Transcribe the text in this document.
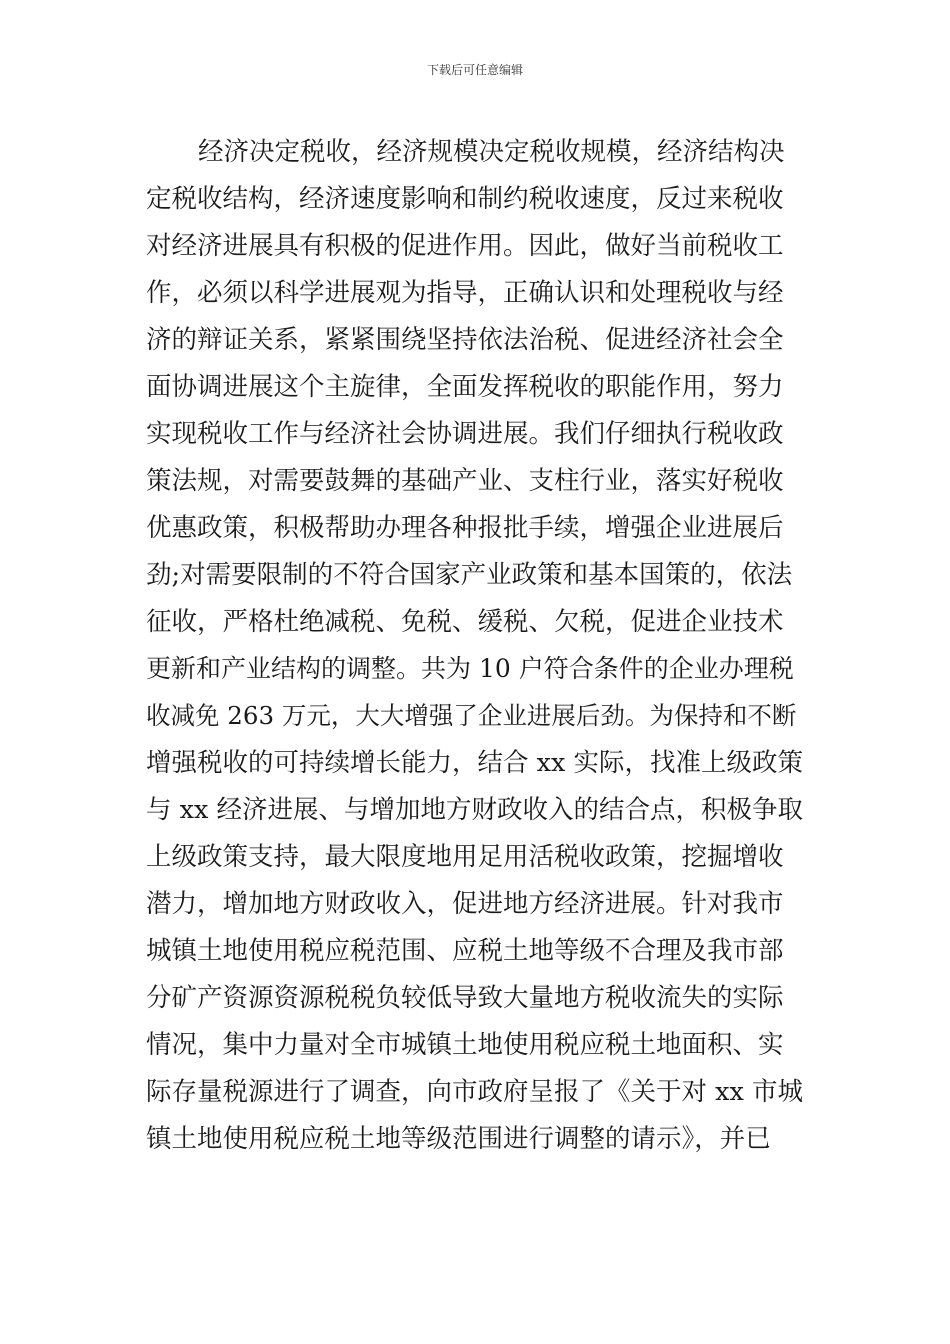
下载后可任意编辑
经济决定税收，经济规模决定税收规模，经济结构决
定税收结构，经济速度影响和制约税收速度，反过来税收
对经济进展具有积极的促进作用。因此，做好当前税收工
作，必须以科学进展观为指导，正确认识和处理税收与经
济的辩证关系，紧紧围绕坚持依法治税、促进经济社会全
面协调进展这个主旋律，全面发挥税收的职能作用，努力
实现税收工作与经济社会协调进展。我们仔细执行税收政
策法规，对需要鼓舞的基础产业、支柱行业，落实好税收
优惠政策，积极帮助办理各种报批手续，增强企业进展后
劲;对需要限制的不符合国家产业政策和基本国策的，依法
征收，严格杜绝减税、免税、缓税、欠税，促进企业技术
更新和产业结构的调整。共为 10 户符合条件的企业办理税
收减免 263 万元，大大增强了企业进展后劲。为保持和不断
增强税收的可持续增长能力，结合 xx 实际，找准上级政策
与 xx 经济进展、与增加地方财政收入的结合点，积极争取
上级政策支持，最大限度地用足用活税收政策，挖掘增收
潜力，增加地方财政收入，促进地方经济进展。针对我市
城镇土地使用税应税范围、应税土地等级不合理及我市部
分矿产资源资源税税负较低导致大量地方税收流失的实际
情况，集中力量对全市城镇土地使用税应税土地面积、实
际存量税源进行了调查，向市政府呈报了《关于对 xx 市城
镇土地使用税应税土地等级范围进行调整的请示》，并已
